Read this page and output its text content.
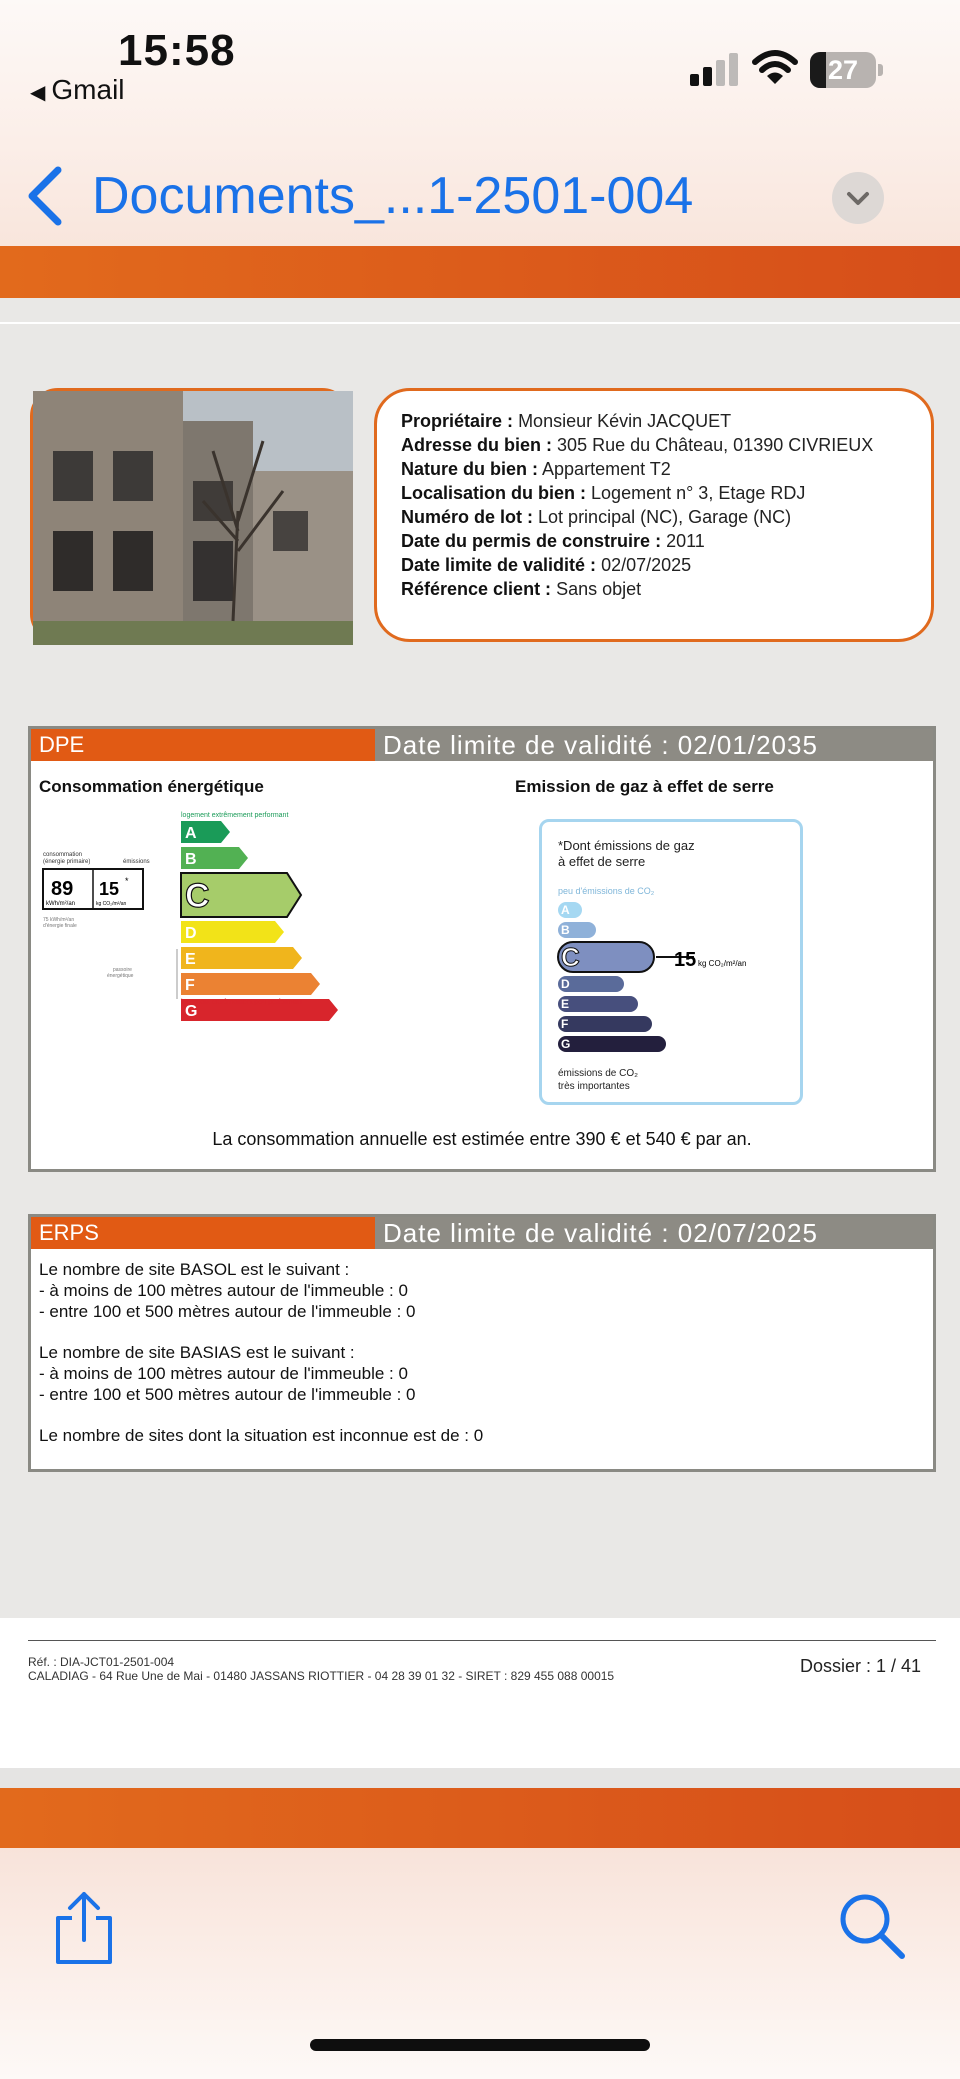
15:58
◀ Gmail
27
Documents_...1-2501-004
Propriétaire : Monsieur Kévin JACQUET
Adresse du bien : 305 Rue du Château, 01390 CIVRIEUX
Nature du bien : Appartement T2
Localisation du bien : Logement n° 3, Etage RDJ
Numéro de lot : Lot principal (NC), Garage (NC)
Date du permis de construire : 2011
Date limite de validité : 02/07/2025
Référence client : Sans objet
DPE	Date limite de validité : 02/01/2035
Consommation énergétique	Emission de gaz à effet de serre
logement extrêmement performant
A
B
C
D
E
F
G
logement extrêmement peu performant
consommation
(énergie primaire)	émissions
89
kWh/m²/an
15 *
kg CO₂/m²/an
75 kWh/m²/an
d'énergie finale
passoire
énergétique
*Dont émissions de gaz
à effet de serre
peu d'émissions de CO₂
A
B
C
D
E
F
G
15 kg CO₂/m²/an
émissions de CO₂
très importantes
La consommation annuelle est estimée entre 390 € et 540 € par an.
ERPS	Date limite de validité : 02/07/2025

Le nombre de site BASOL est le suivant :
- à moins de 100 mètres autour de l'immeuble : 0
- entre 100 et 500 mètres autour de l'immeuble : 0

Le nombre de site BASIAS est le suivant :
- à moins de 100 mètres autour de l'immeuble : 0
- entre 100 et 500 mètres autour de l'immeuble : 0

Le nombre de sites dont la situation est inconnue est de : 0

Réf. : DIA-JCT01-2501-004
CALADIAG - 64 Rue Une de Mai - 01480 JASSANS RIOTTIER - 04 28 39 01 32 - SIRET : 829 455 088 00015	Dossier : 1 / 41
